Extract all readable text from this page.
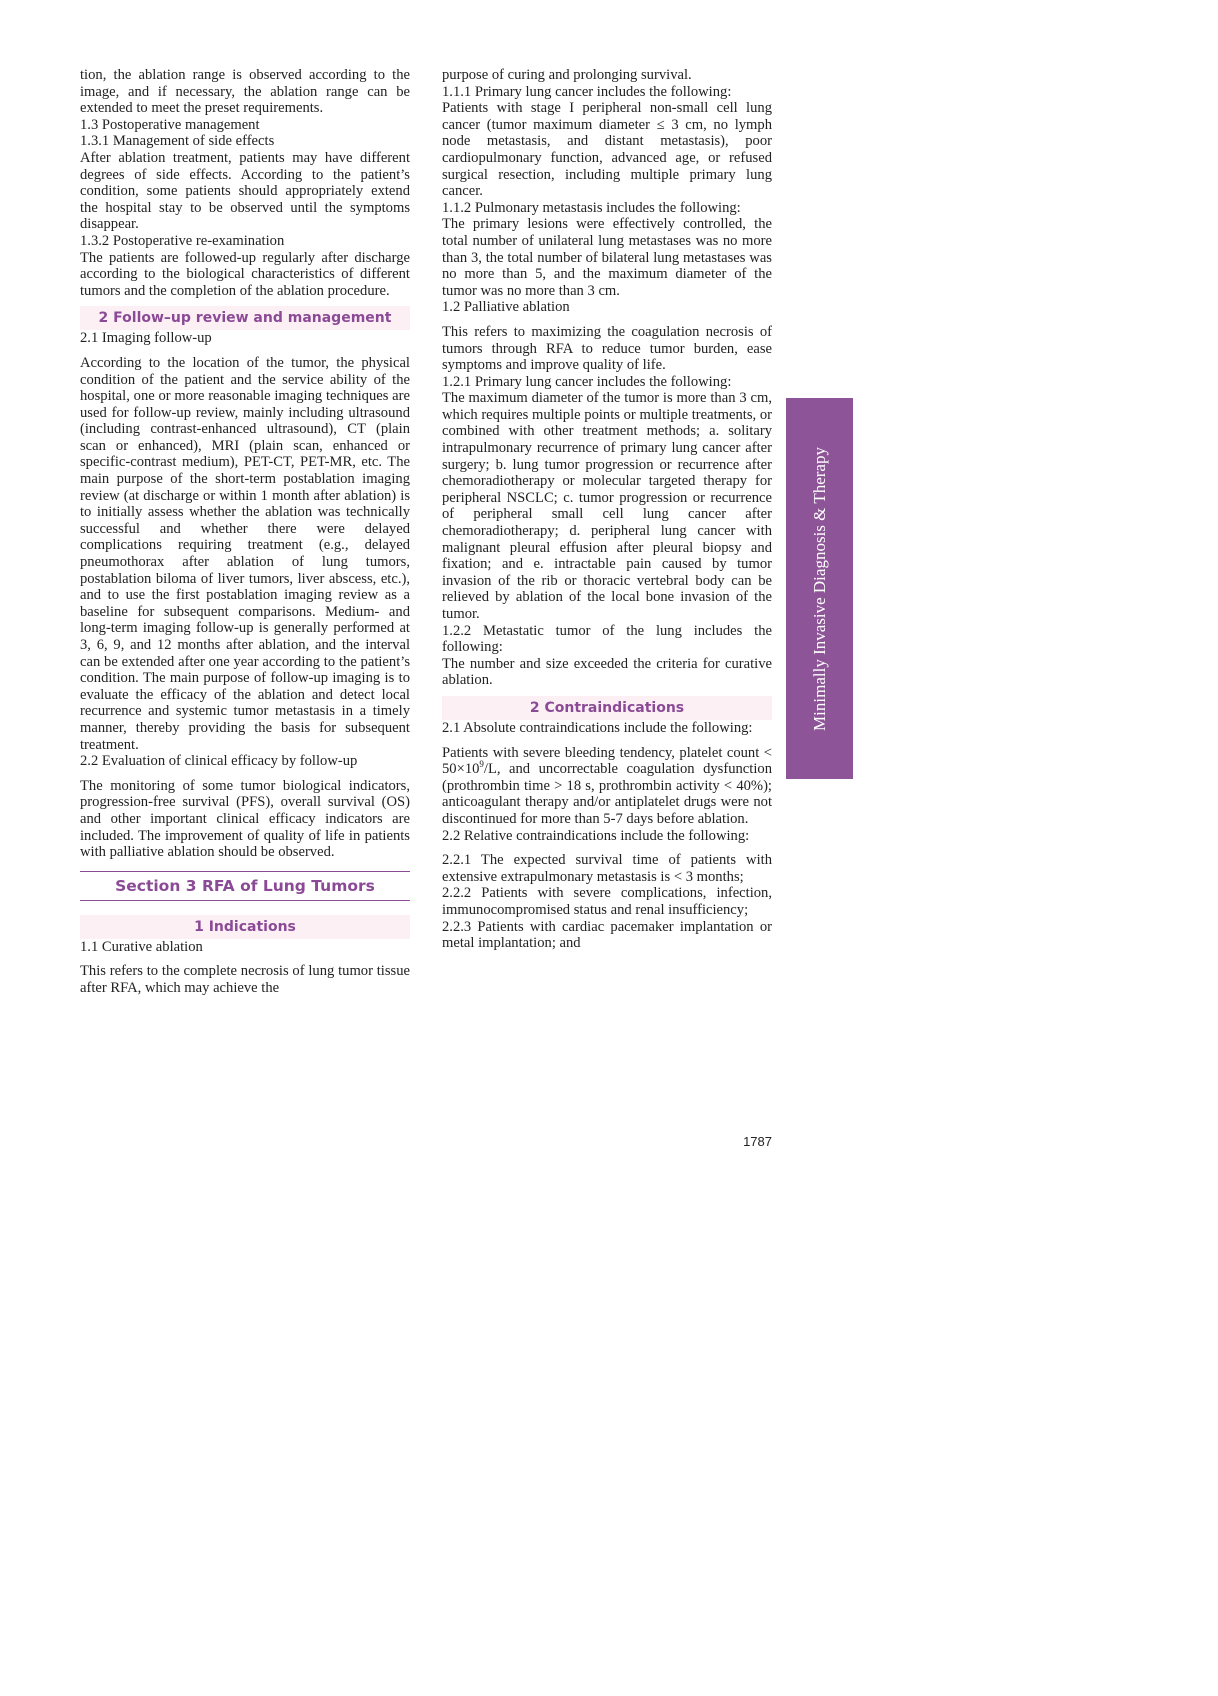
tion, the ablation range is observed according to the image, and if necessary, the ablation range can be extended to meet the preset requirements.

1.3 Postoperative management

1.3.1 Management of side effects

After ablation treatment, patients may have different degrees of side effects. According to the patient’s condition, some patients should appropriately extend the hospital stay to be observed until the symptoms disappear.

1.3.2 Postoperative re-examination

The patients are followed-up regularly after discharge according to the biological characteristics of different tumors and the completion of the ablation procedure.

2 Follow–up review and management

2.1 Imaging follow-up

According to the location of the tumor, the physical condition of the patient and the service ability of the hospital, one or more reasonable imaging techniques are used for follow-up review, mainly including ultrasound (including contrast-enhanced ultrasound), CT (plain scan or enhanced), MRI (plain scan, enhanced or specific-contrast medium), PET-CT, PET-MR, etc. The main purpose of the short-term postablation imaging review (at discharge or within 1 month after ablation) is to initially assess whether the ablation was technically successful and whether there were delayed complications requiring treatment (e.g., delayed pneumothorax after ablation of lung tumors, postablation biloma of liver tumors, liver abscess, etc.), and to use the first postablation imaging review as a baseline for subsequent comparisons. Medium- and long-term imaging follow-up is generally performed at 3, 6, 9, and 12 months after ablation, and the interval can be extended after one year according to the patient’s condition. The main purpose of follow-up imaging is to evaluate the efficacy of the ablation and detect local recurrence and systemic tumor metastasis in a timely manner, thereby providing the basis for subsequent treatment.

2.2 Evaluation of clinical efficacy by follow-up

The monitoring of some tumor biological indicators, progression-free survival (PFS), overall survival (OS) and other important clinical efficacy indicators are included. The improvement of quality of life in patients with palliative ablation should be observed.

Section 3 RFA of Lung Tumors
1 Indications

1.1 Curative ablation

This refers to the complete necrosis of lung tumor tissue after RFA, which may achieve the

purpose of curing and prolonging survival.

1.1.1 Primary lung cancer includes the following:

Patients with stage I peripheral non-small cell lung cancer (tumor maximum diameter ≤ 3 cm, no lymph node metastasis, and distant metastasis), poor cardiopulmonary function, advanced age, or refused surgical resection, including multiple primary lung cancer.

1.1.2 Pulmonary metastasis includes the following:

The primary lesions were effectively controlled, the total number of unilateral lung metastases was no more than 3, the total number of bilateral lung metastases was no more than 5, and the maximum diameter of the tumor was no more than 3 cm.

1.2 Palliative ablation

This refers to maximizing the coagulation necrosis of tumors through RFA to reduce tumor burden, ease symptoms and improve quality of life.

1.2.1 Primary lung cancer includes the following:

The maximum diameter of the tumor is more than 3 cm, which requires multiple points or multiple treatments, or combined with other treatment methods; a. solitary intrapulmonary recurrence of primary lung cancer after surgery; b. lung tumor progression or recurrence after chemoradiotherapy or molecular targeted therapy for peripheral NSCLC; c. tumor progression or recurrence of peripheral small cell lung cancer after chemoradiotherapy; d. peripheral lung cancer with malignant pleural effusion after pleural biopsy and fixation; and e. intractable pain caused by tumor invasion of the rib or thoracic vertebral body can be relieved by ablation of the local bone invasion of the tumor.

1.2.2 Metastatic tumor of the lung includes the following:

The number and size exceeded the criteria for curative ablation.

2 Contraindications

2.1 Absolute contraindications include the following:

Patients with severe bleeding tendency, platelet count < $50\times 10^9/L$, and uncorrectable coagulation dysfunction (prothrombin time > 18 s, prothrombin activity < 40%); anticoagulant therapy and/or antiplatelet drugs were not discontinued for more than 5-7 days before ablation.

2.2 Relative contraindications include the following:

2.2.1 The expected survival time of patients with extensive extrapulmonary metastasis is < 3 months;

2.2.2 Patients with severe complications, infection, immunocompromised status and renal insufficiency;

2.2.3 Patients with cardiac pacemaker implantation or metal implantation; and

Minimally Invasive Diagnosis & Therapy
1787
